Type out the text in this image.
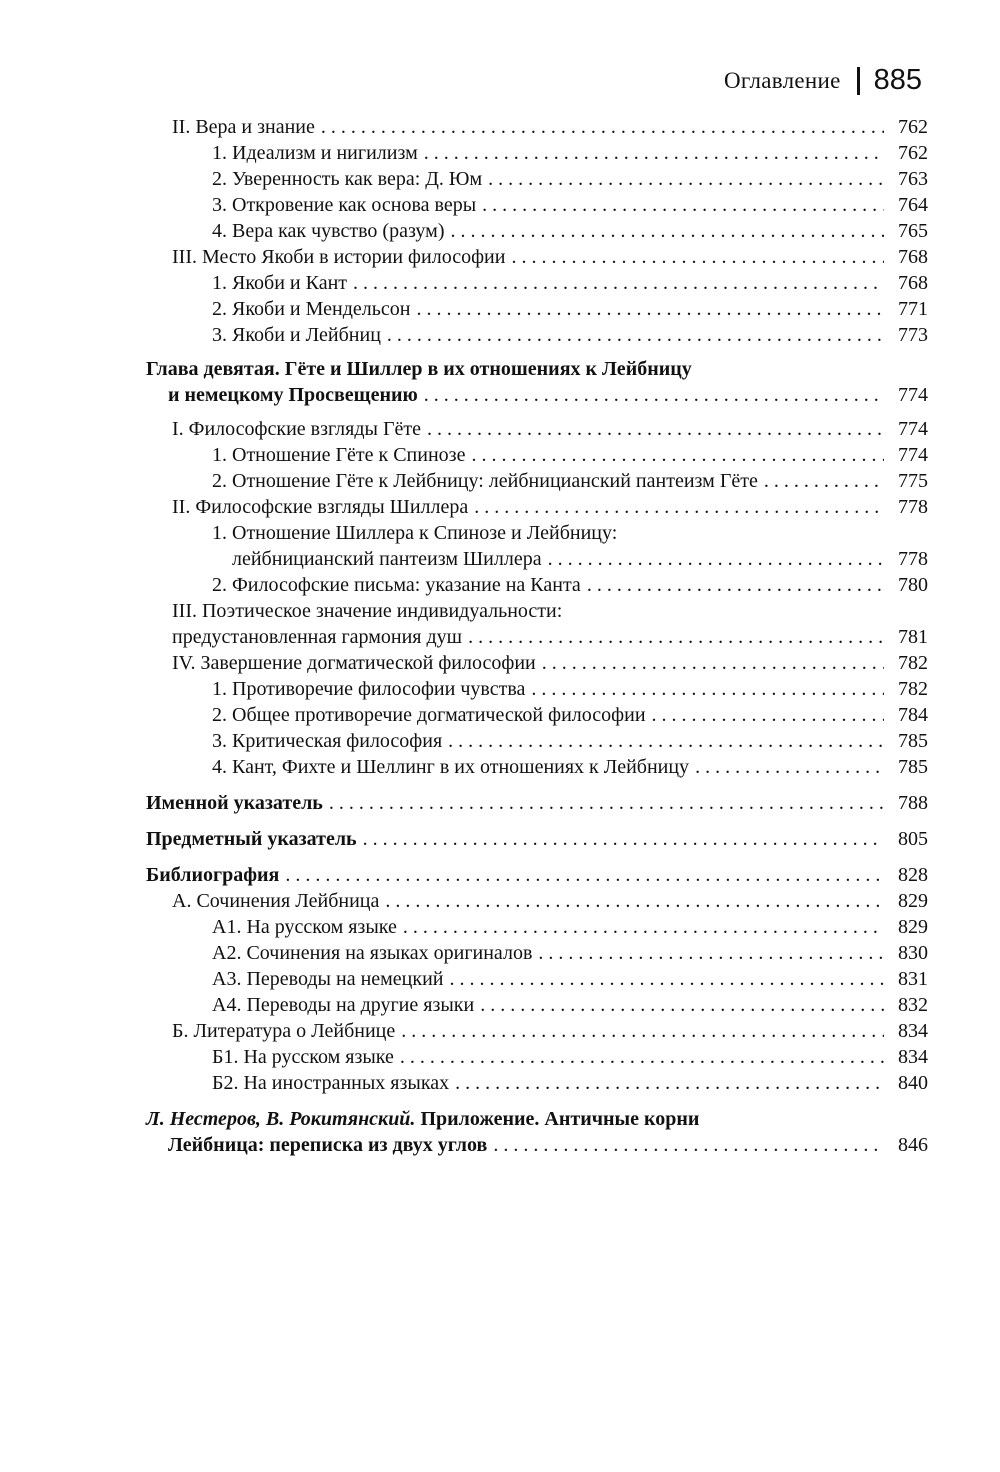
Оглавление 885
II. Вера и знание . . .	762
1. Идеализм и нигилизм . . .	762
2. Уверенность как вера: Д. Юм . . .	763
3. Откровение как основа веры . . .	764
4. Вера как чувство (разум) . . .	765
III. Место Якоби в истории философии . . .	768
1. Якоби и Кант . . .	768
2. Якоби и Мендельсон . . .	771
3. Якоби и Лейбниц . . .	773
Глава девятая. Гёте и Шиллер в их отношениях к Лейбницу
и немецкому Просвещению . . .	774
I. Философские взгляды Гёте . . .	774
1. Отношение Гёте к Спинозе . . .	774
2. Отношение Гёте к Лейбницу: лейбницианский пантеизм Гёте . . .	775
II. Философские взгляды Шиллера . . .	778
1. Отношение Шиллера к Спинозе и Лейбницу:
лейбницианский пантеизм Шиллера . . .	778
2. Философские письма: указание на Канта . . .	780
III. Поэтическое значение индивидуальности:
предустановленная гармония душ . . .	781
IV. Завершение догматической философии . . .	782
1. Противоречие философии чувства . . .	782
2. Общее противоречие догматической философии . . .	784
3. Критическая философия . . .	785
4. Кант, Фихте и Шеллинг в их отношениях к Лейбницу . . .	785
Именной указатель . . .	788
Предметный указатель . . .	805
Библиография . . .	828
А. Сочинения Лейбница . . .	829
А1. На русском языке . . .	829
А2. Сочинения на языках оригиналов . . .	830
А3. Переводы на немецкий . . .	831
А4. Переводы на другие языки . . .	832
Б. Литература о Лейбнице . . .	834
Б1. На русском языке . . .	834
Б2. На иностранных языках . . .	840
Л. Нестеров, В. Рокитянский. Приложение. Античные корни
Лейбница: переписка из двух углов . . .	846
